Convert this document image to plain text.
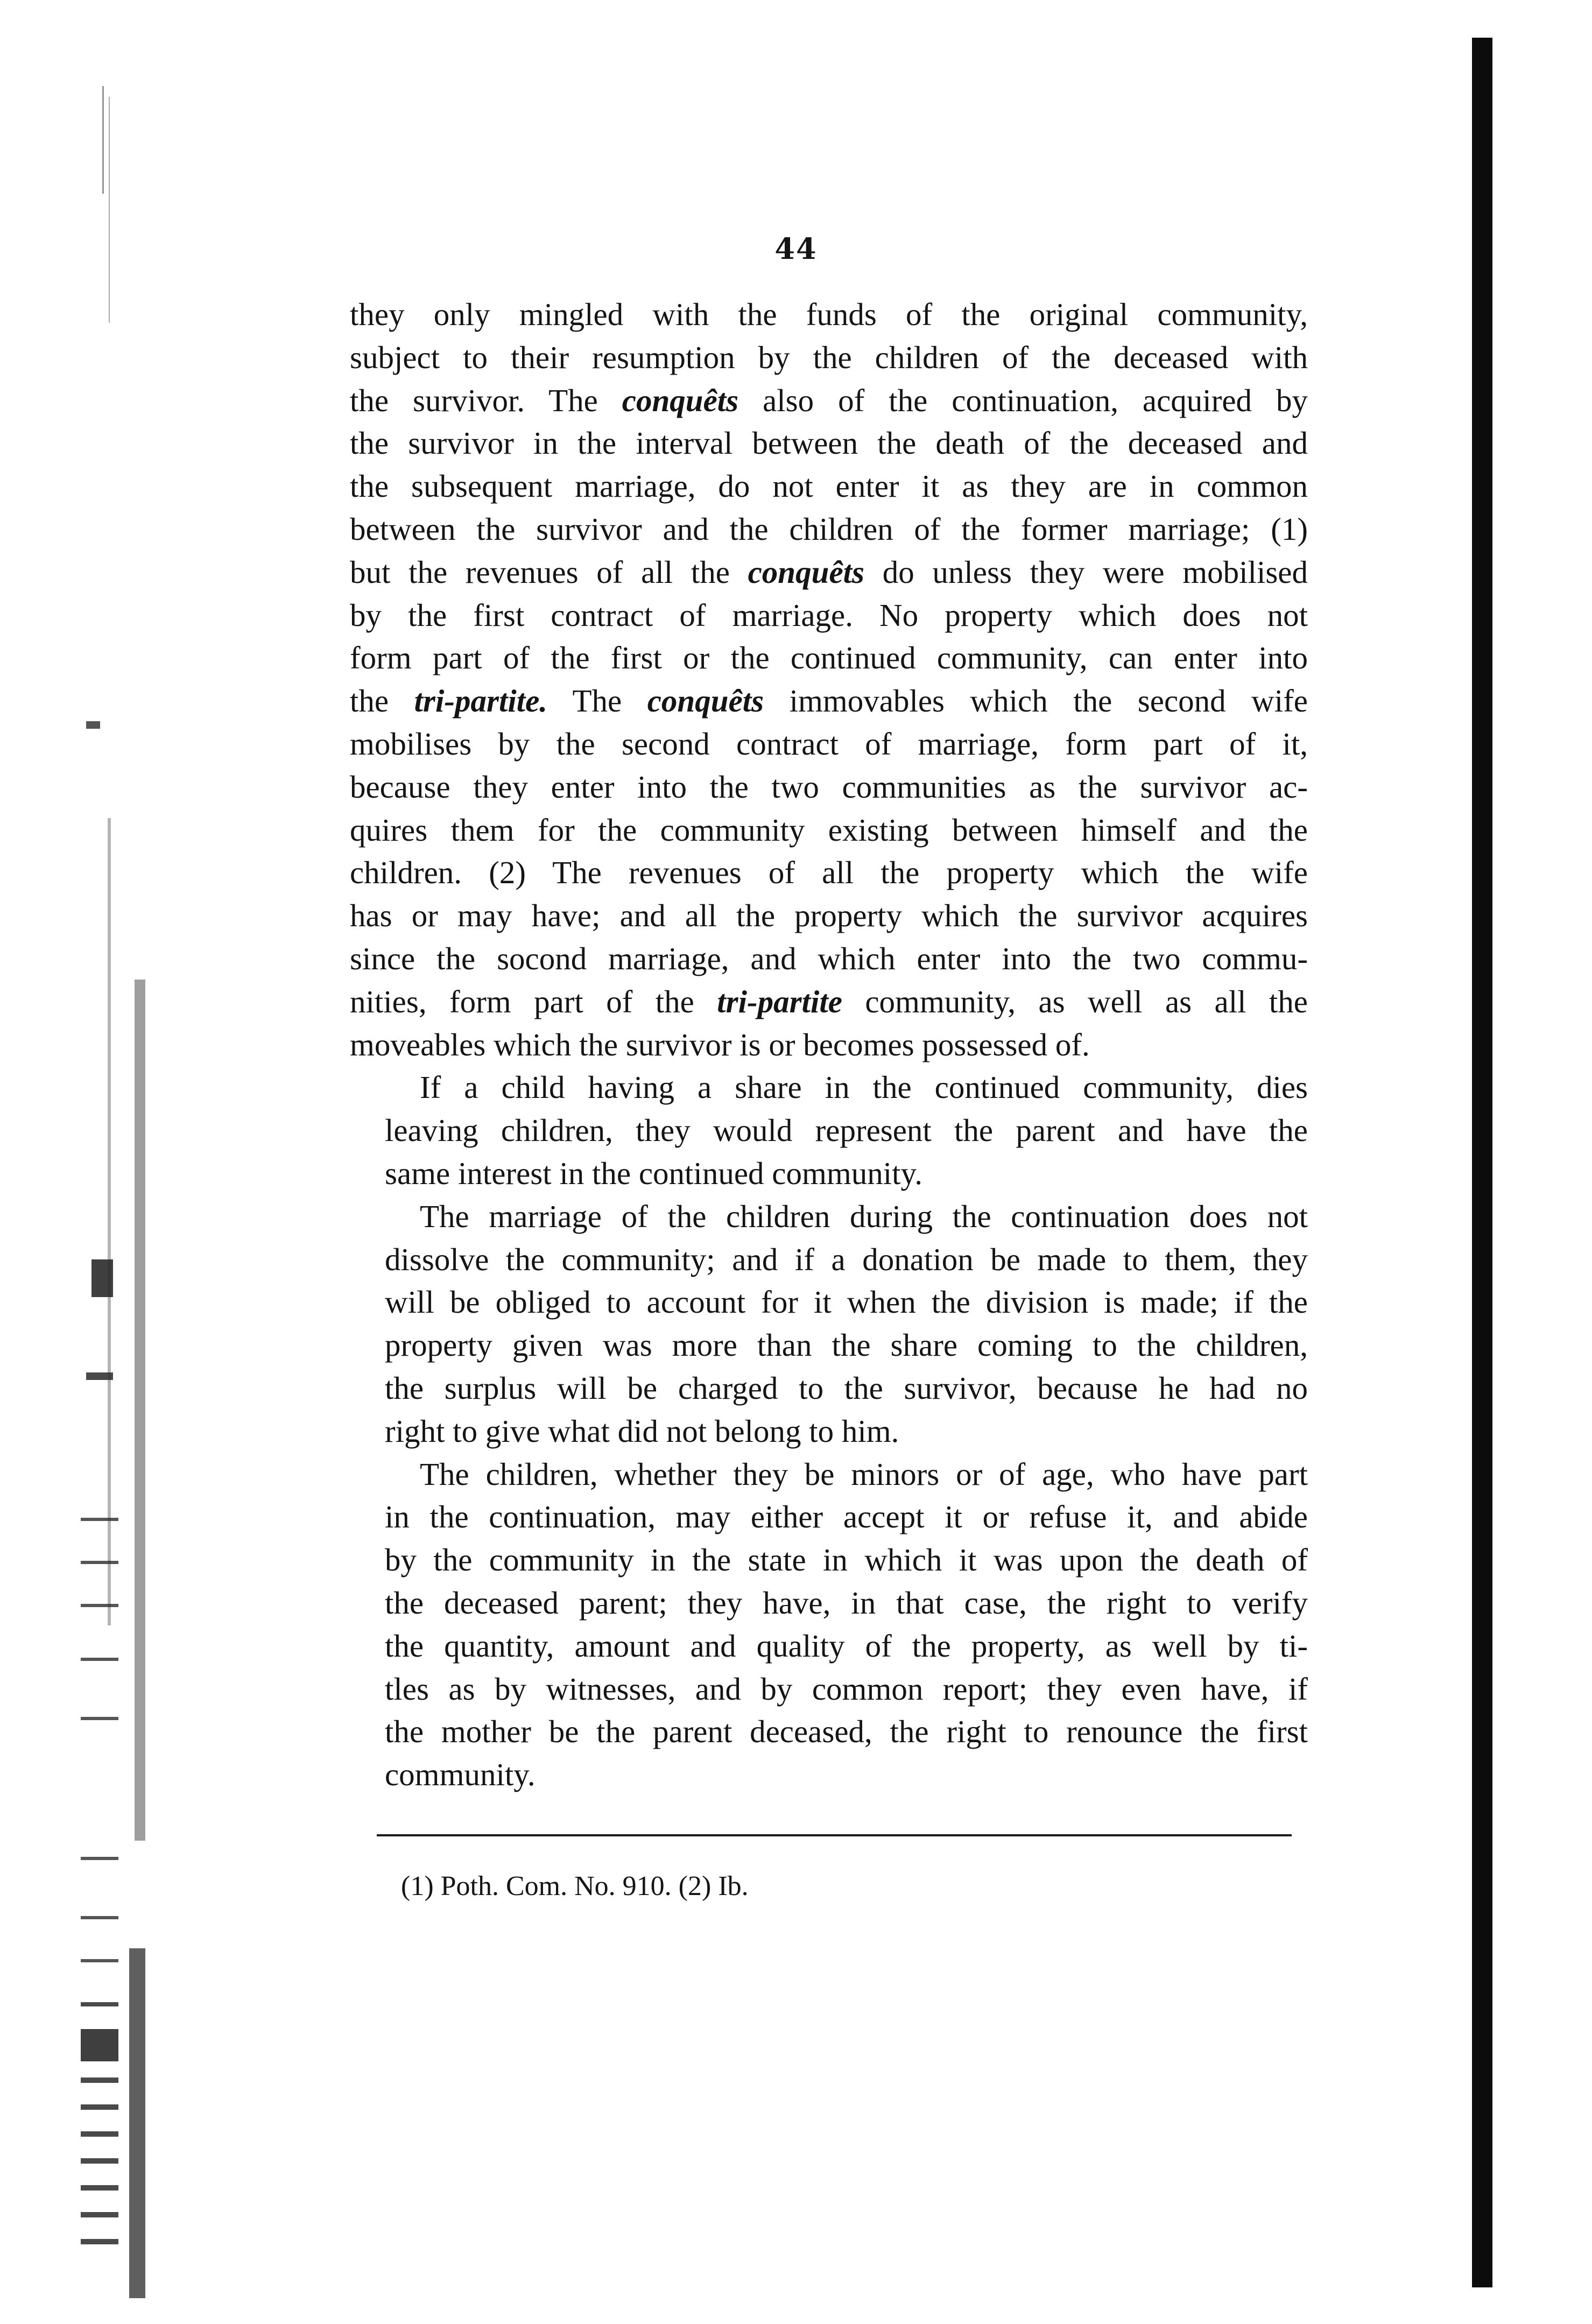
44

they only mingled with the funds of the original community,
subject to their resumption by the children of the deceased with
the survivor. The conquêts also of the continuation, acquired by
the survivor in the interval between the death of the deceased and
the subsequent marriage, do not enter it as they are in common
between the survivor and the children of the former marriage; (1)
but the revenues of all the conquêts do unless they were mobilised
by the first contract of marriage. No property which does not
form part of the first or the continued community, can enter into
the tri-partite. The conquêts immovables which the second wife
mobilises by the second contract of marriage, form part of it,
because they enter into the two communities as the survivor ac-
quires them for the community existing between himself and the
children. (2) The revenues of all the property which the wife
has or may have; and all the property which the survivor acquires
since the socond marriage, and which enter into the two commu-
nities, form part of the tri-partite community, as well as all the
moveables which the survivor is or becomes possessed of.

If a child having a share in the continued community, dies
leaving children, they would represent the parent and have the
same interest in the continued community.

The marriage of the children during the continuation does not
dissolve the community; and if a donation be made to them, they
will be obliged to account for it when the division is made; if the
property given was more than the share coming to the children,
the surplus will be charged to the survivor, because he had no
right to give what did not belong to him.

The children, whether they be minors or of age, who have part
in the continuation, may either accept it or refuse it, and abide
by the community in the state in which it was upon the death of
the deceased parent; they have, in that case, the right to verify
the quantity, amount and quality of the property, as well by ti-
tles as by witnesses, and by common report; they even have, if
the mother be the parent deceased, the right to renounce the first
community.

(1) Poth. Com. No. 910. (2) Ib.
